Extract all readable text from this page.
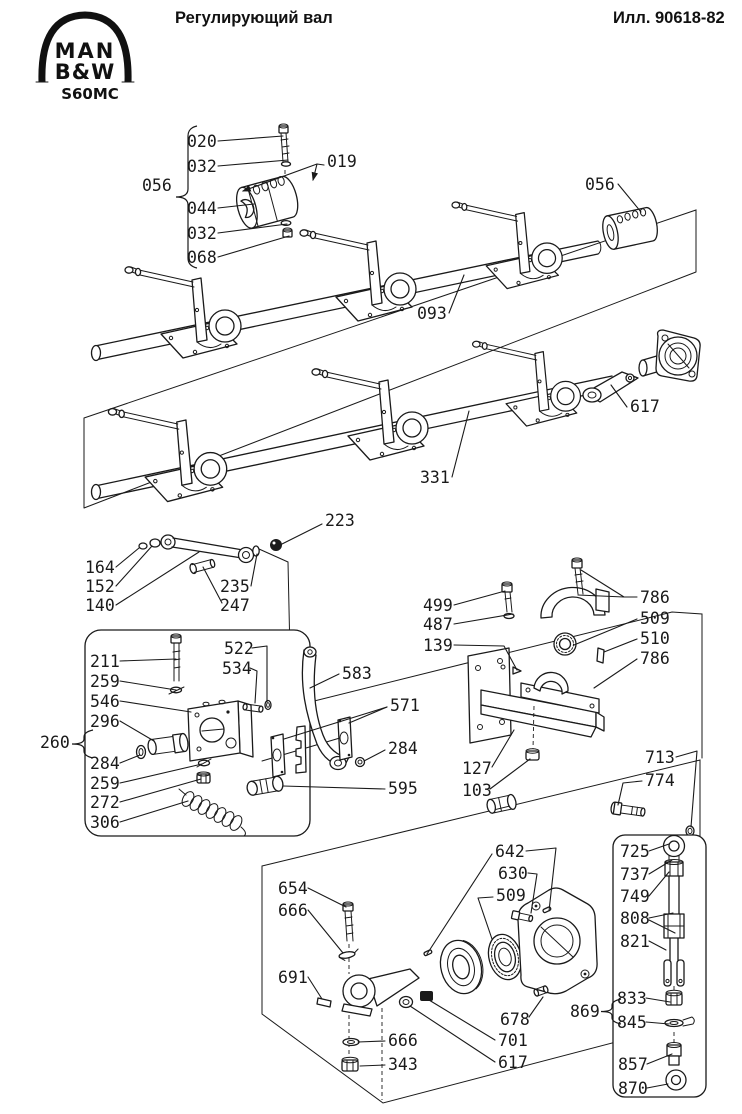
MAN
B&W
S60MC
Регулирующий вал	Илл. 90618-82
020
032	019
044
032
068
056	056
093
617
331
223
164
152
140
235
247	499
487
139
786
509
510
786
127
103
260
211
259
546
296
284
259
272
306
522
534	583
571
284
595
654
666
691
642
630
509
678
701
617
666
343
869
713
774
725
737
749
808
821
833
845
857
870
